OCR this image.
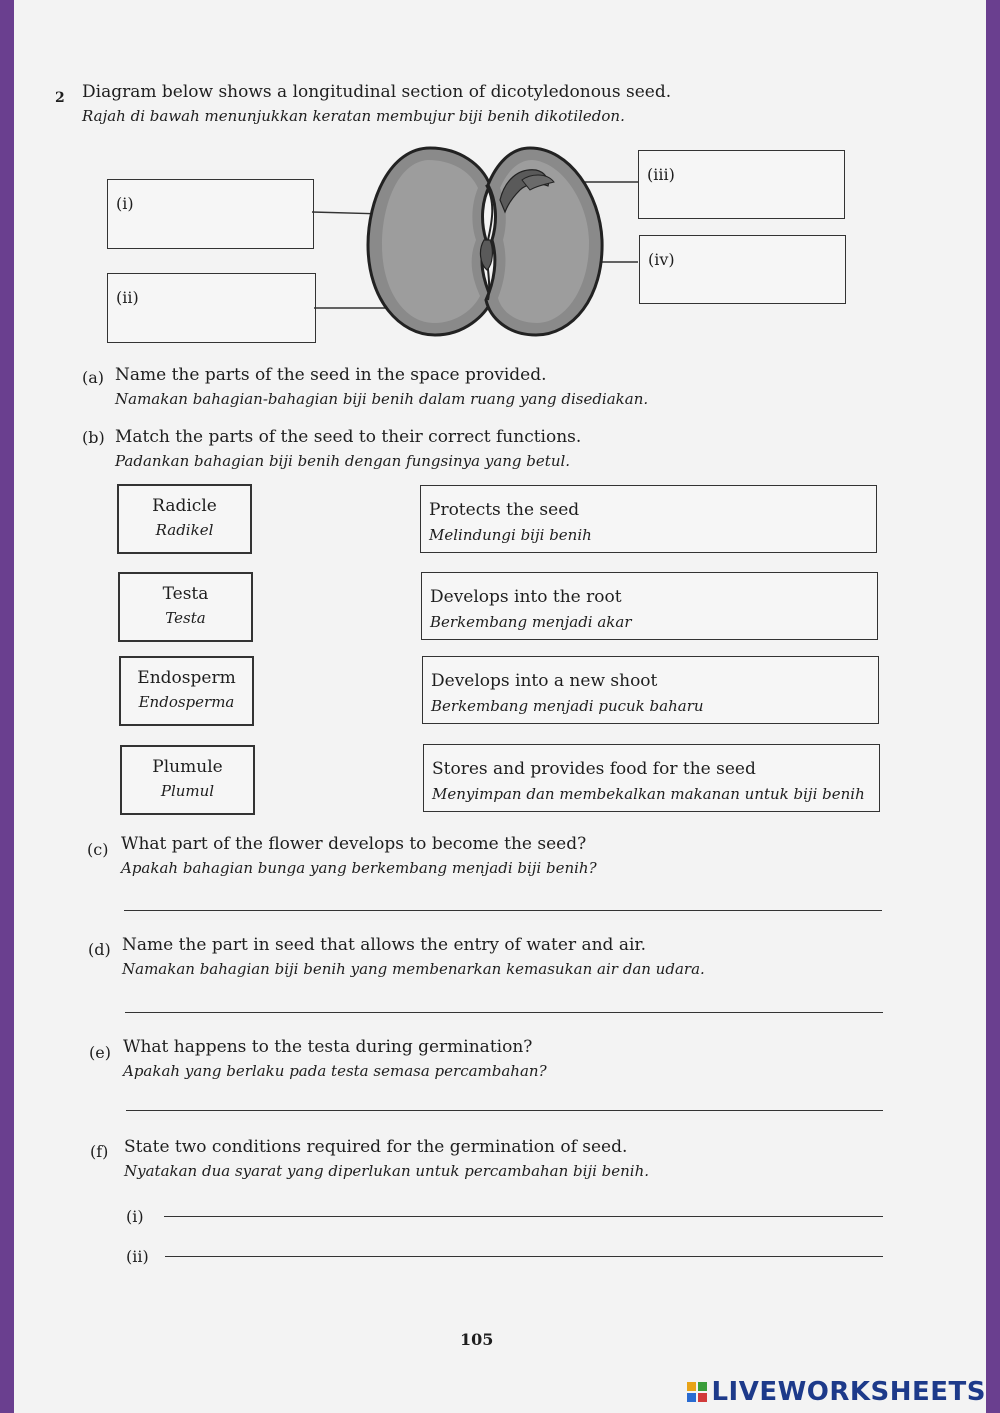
2 Diagram below shows a longitudinal section of dicotyledonous seed.
Rajah di bawah menunjukkan keratan membujur biji benih dikotiledon.
(i)
(ii)
(iii)
(iv)
(a) Name the parts of the seed in the space provided.
Namakan bahagian-bahagian biji benih dalam ruang yang disediakan.
(b) Match the parts of the seed to their correct functions.
Padankan bahagian biji benih dengan fungsinya yang betul.
Radicle
Radikel
Testa
Testa
Endosperm
Endosperma
Plumule
Plumul
Protects the seed
Melindungi biji benih
Develops into the root
Berkembang menjadi akar
Develops into a new shoot
Berkembang menjadi pucuk baharu
Stores and provides food for the seed
Menyimpan dan membekalkan makanan untuk biji benih
(c) What part of the flower develops to become the seed?
Apakah bahagian bunga yang berkembang menjadi biji benih?
(d) Name the part in seed that allows the entry of water and air.
Namakan bahagian biji benih yang membenarkan kemasukan air dan udara.
(e) What happens to the testa during germination?
Apakah yang berlaku pada testa semasa percambahan?
(f) State two conditions required for the germination of seed.
Nyatakan dua syarat yang diperlukan untuk percambahan biji benih.
(i)
(ii)
105
LIVEWORKSHEETS
